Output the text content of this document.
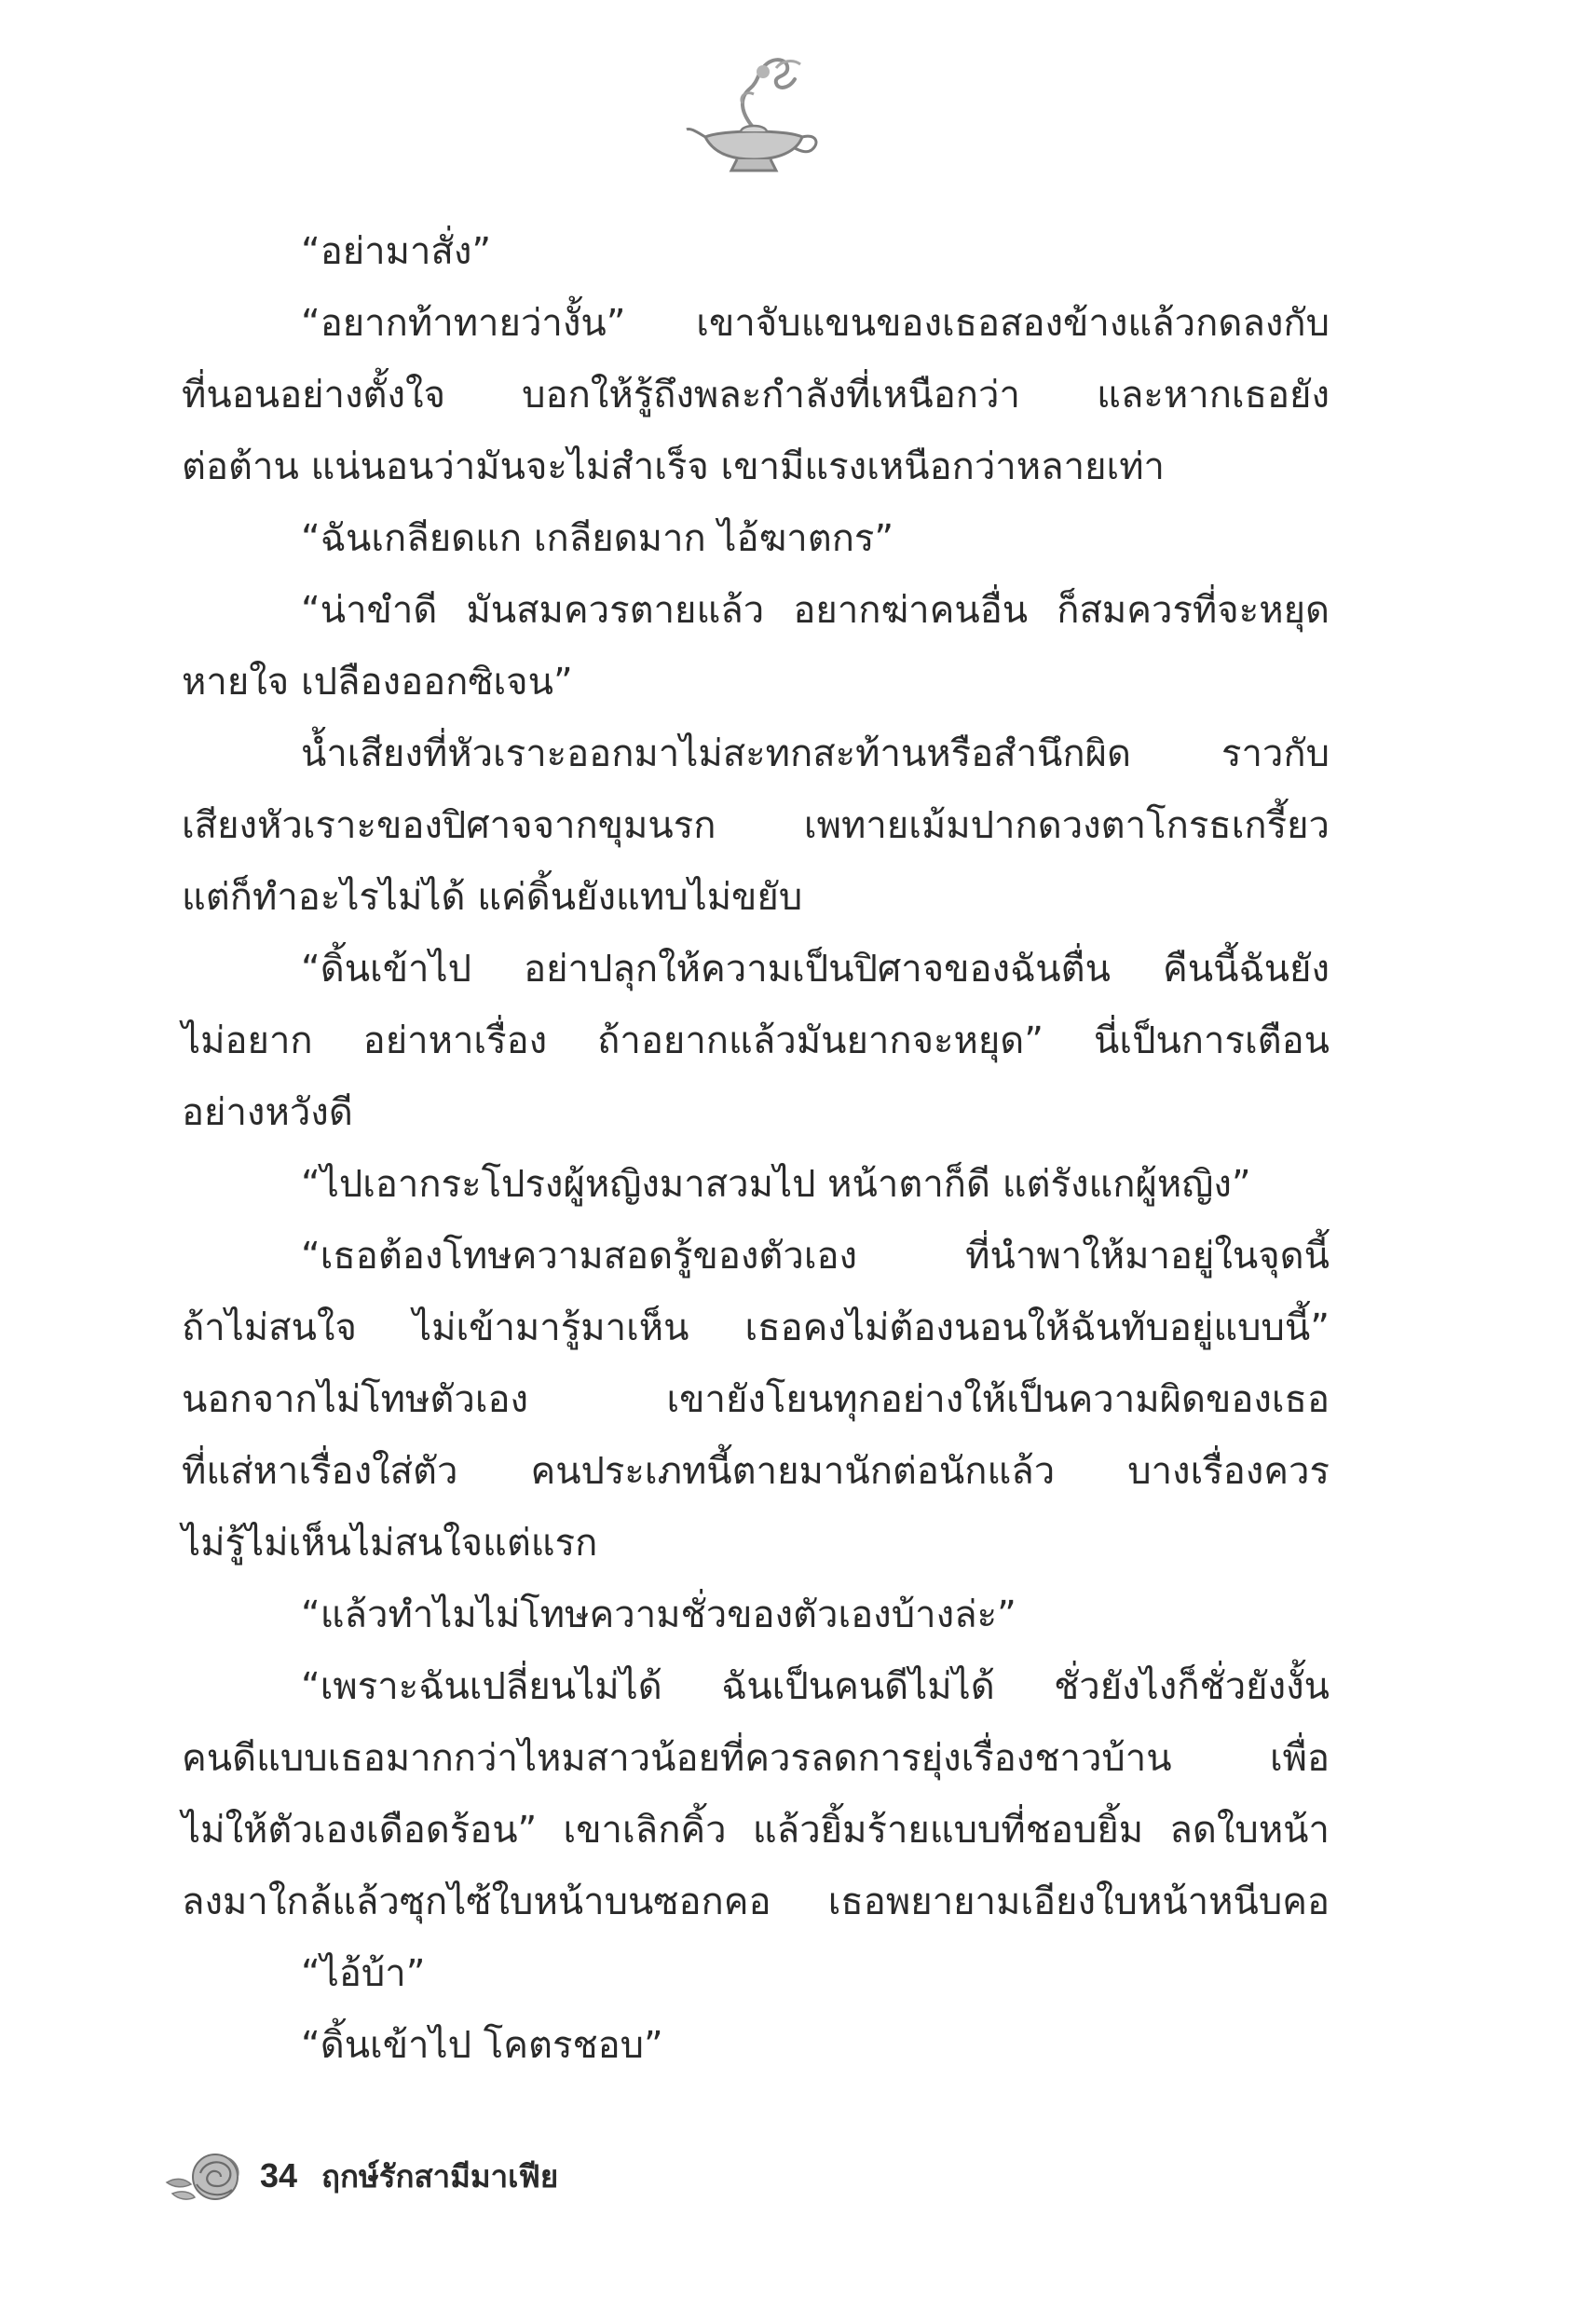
“อย่ามาสั่ง”
“อยากท้าทายว่างั้น” เขาจับแขนของเธอสองข้างแล้วกดลงกับ
ที่นอนอย่างตั้งใจ บอกให้รู้ถึงพละกำลังที่เหนือกว่า และหากเธอยัง
ต่อต้าน แน่นอนว่ามันจะไม่สำเร็จ เขามีแรงเหนือกว่าหลายเท่า
“ฉันเกลียดแก เกลียดมาก ไอ้ฆาตกร”
“น่าขำดี มันสมควรตายแล้ว อยากฆ่าคนอื่น ก็สมควรที่จะหยุด
หายใจ เปลืองออกซิเจน”
น้ำเสียงที่หัวเราะออกมาไม่สะทกสะท้านหรือสำนึกผิด ราวกับ
เสียงหัวเราะของปิศาจจากขุมนรก เพทายเม้มปากดวงตาโกรธเกรี้ยว
แต่ก็ทำอะไรไม่ได้ แค่ดิ้นยังแทบไม่ขยับ
“ดิ้นเข้าไป อย่าปลุกให้ความเป็นปิศาจของฉันตื่น คืนนี้ฉันยัง
ไม่อยาก อย่าหาเรื่อง ถ้าอยากแล้วมันยากจะหยุด” นี่เป็นการเตือน
อย่างหวังดี
“ไปเอากระโปรงผู้หญิงมาสวมไป หน้าตาก็ดี แต่รังแกผู้หญิง”
“เธอต้องโทษความสอดรู้ของตัวเอง ที่นำพาให้มาอยู่ในจุดนี้
ถ้าไม่สนใจ ไม่เข้ามารู้มาเห็น เธอคงไม่ต้องนอนให้ฉันทับอยู่แบบนี้”
นอกจากไม่โทษตัวเอง เขายังโยนทุกอย่างให้เป็นความผิดของเธอ
ที่แส่หาเรื่องใส่ตัว คนประเภทนี้ตายมานักต่อนักแล้ว บางเรื่องควร
ไม่รู้ไม่เห็นไม่สนใจแต่แรก
“แล้วทำไมไม่โทษความชั่วของตัวเองบ้างล่ะ”
“เพราะฉันเปลี่ยนไม่ได้ ฉันเป็นคนดีไม่ได้ ชั่วยังไงก็ชั่วยังงั้น
คนดีแบบเธอมากกว่าไหมสาวน้อยที่ควรลดการยุ่งเรื่องชาวบ้าน เพื่อ
ไม่ให้ตัวเองเดือดร้อน” เขาเลิกคิ้ว แล้วยิ้มร้ายแบบที่ชอบยิ้ม ลดใบหน้า
ลงมาใกล้แล้วซุกไซ้ใบหน้าบนซอกคอ เธอพยายามเอียงใบหน้าหนีบคอ
“ไอ้บ้า”
“ดิ้นเข้าไป โคตรชอบ”
34 ฤกษ์รักสามีมาเฟีย
